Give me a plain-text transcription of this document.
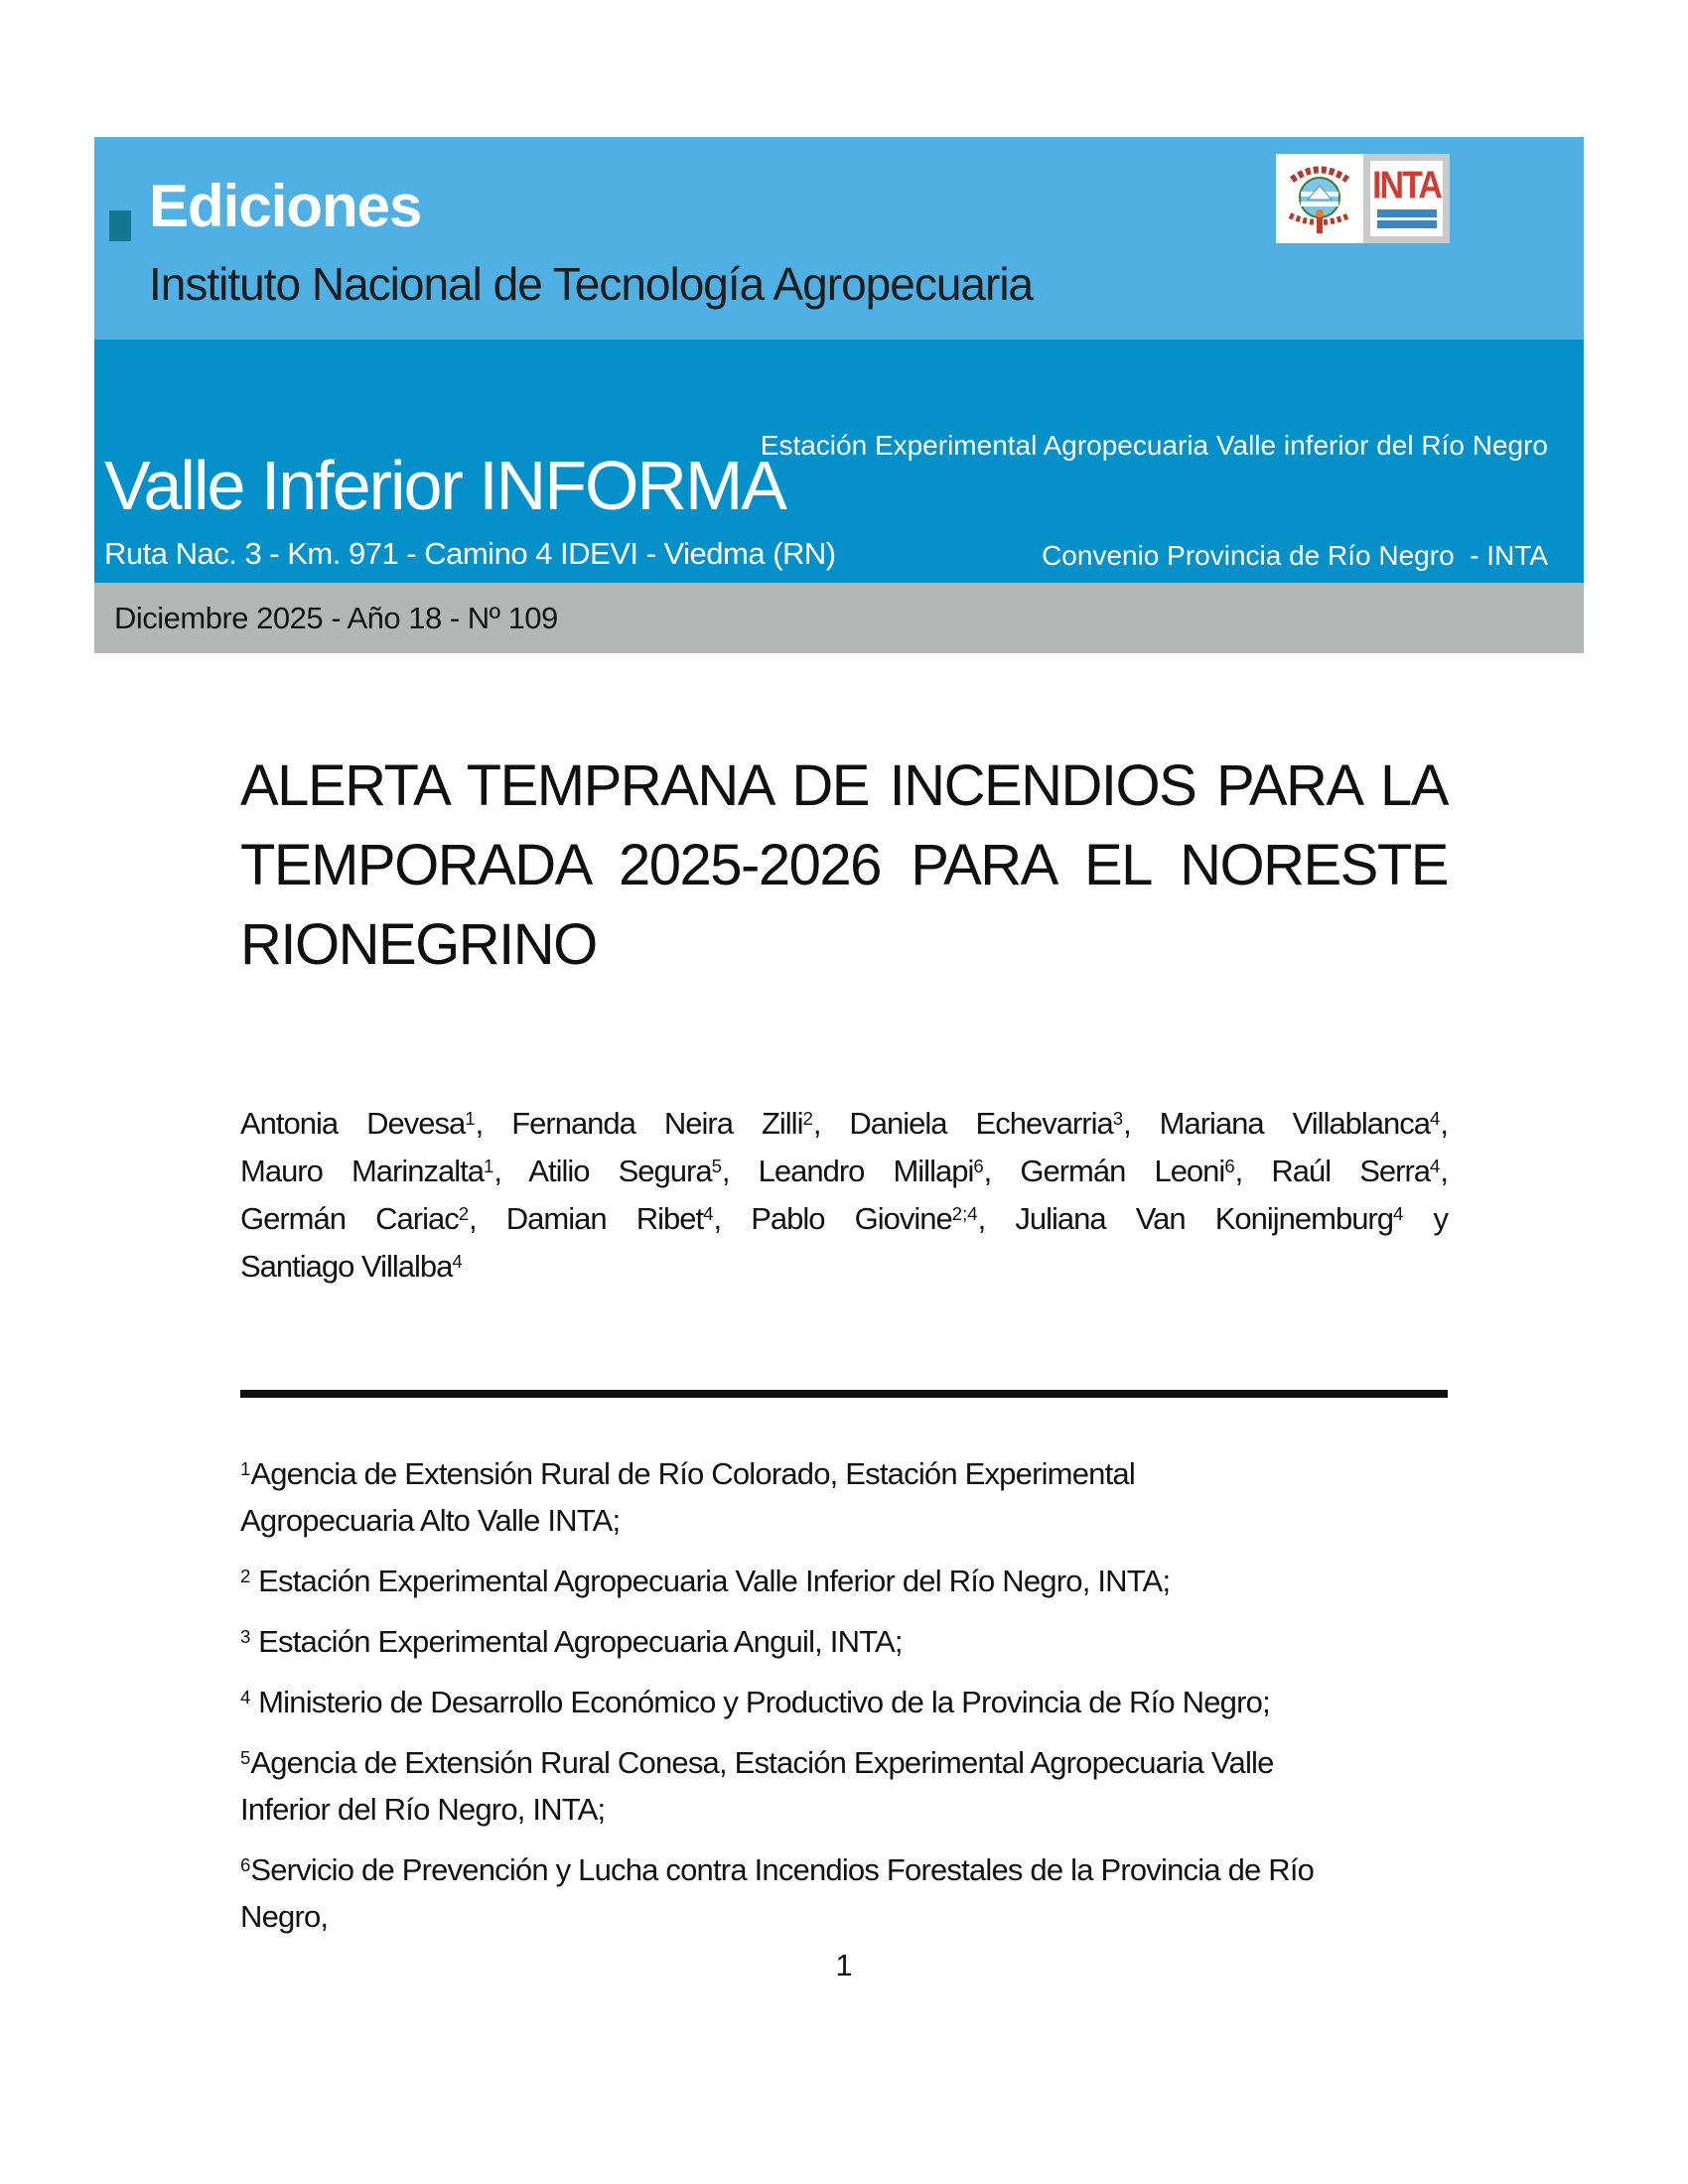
Ediciones
Instituto Nacional de Tecnología Agropecuaria
INTA

Estación Experimental Agropecuaria Valle inferior del Río Negro

Convenio Provincia de Río Negro  - INTA

Valle Inferior INFORMA
Ruta Nac. 3 - Km. 971 - Camino 4 IDEVI - Viedma (RN)
Diciembre 2025 - Año 18 - Nº 109
ALERTA TEMPRANA DE INCENDIOS PARA LA
TEMPORADA 2025-2026 PARA EL NORESTE
RIONEGRINO
Antonia Devesa$^1$, Fernanda Neira Zilli$^2$, Daniela Echevarria$^3$, Mariana Villablanca$^4$,
Mauro Marinzalta$^1$, Atilio Segura$^5$, Leandro Millapi$^6$, Germán Leoni$^6$, Raúl Serra$^4$,
Germán Cariac$^2$, Damian Ribet$^4$, Pablo Giovine$^{2;4}$, Juliana Van Konijnemburg$^4$ y
Santiago Villalba$^4$
$^1$Agencia de Extensión Rural de Río Colorado, Estación Experimental
Agropecuaria Alto Valle INTA;
$^2$ Estación Experimental Agropecuaria Valle Inferior del Río Negro, INTA;
$^3$ Estación Experimental Agropecuaria Anguil, INTA;
$^4$ Ministerio de Desarrollo Económico y Productivo de la Provincia de Río Negro;
$^5$Agencia de Extensión Rural Conesa, Estación Experimental Agropecuaria Valle
Inferior del Río Negro, INTA;
$^6$Servicio de Prevención y Lucha contra Incendios Forestales de la Provincia de Río
Negro,
1
